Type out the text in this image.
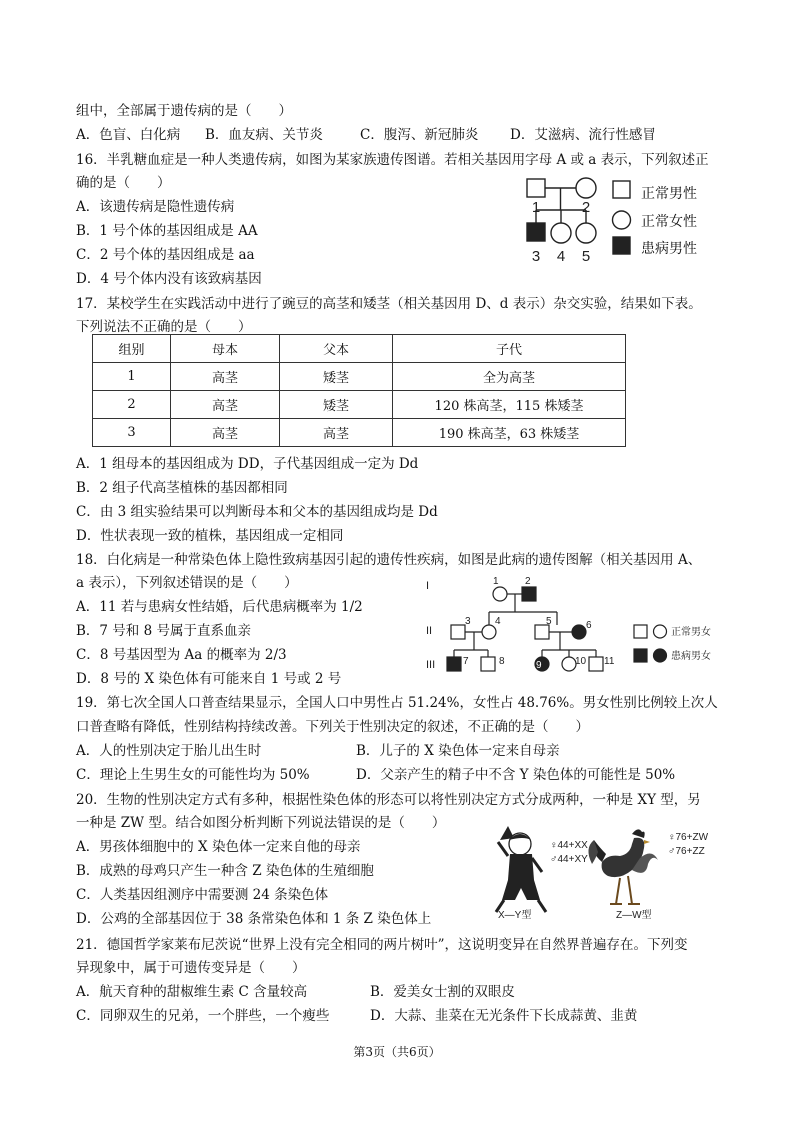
组中，全部属于遗传病的是（　　）
A．色盲、白化病 B．血友病、关节炎	C．腹泻、新冠肺炎 D．艾滋病、流行性感冒
16．半乳糖血症是一种人类遗传病，如图为某家族遗传图谱。若相关基因用字母 A 或 a 表示，下列叙述正
确的是（　　）
A．该遗传病是隐性遗传病
B．1 号个体的基因组成是 AA
C．2 号个体的基因组成是 aa
D．4 号个体内没有该致病基因
1	2
3 4 5
正常男性
正常女性
患病男性
17．某校学生在实践活动中进行了豌豆的高茎和矮茎（相关基因用 D、d 表示）杂交实验，结果如下表。
下列说法不正确的是（　　）
组别	母本	父本	子代
1	高茎	矮茎	全为高茎
2	高茎	矮茎	120 株高茎，115 株矮茎
3	高茎	高茎	190 株高茎，63 株矮茎
A．1 组母本的基因组成为 DD，子代基因组成一定为 Dd
B．2 组子代高茎植株的基因都相同
C．由 3 组实验结果可以判断母本和父本的基因组成均是 Dd
D．性状表现一致的植株，基因组成一定相同
18．白化病是一种常染色体上隐性致病基因引起的遗传性疾病，如图是此病的遗传图解（相关基因用 A、
a 表示），下列叙述错误的是（　　）
A．11 若与患病女性结婚，后代患病概率为 1/2
B．7 号和 8 号属于直系血亲
C．8 号基因型为 Aa 的概率为 2/3
D．8 号的 X 染色体有可能来自 1 号或 2 号
I
II
III
1	2
3 4	5	6
7	8	9	10 11
正常男女
患病男女
19．第七次全国人口普查结果显示，全国人口中男性占 51.24%，女性占 48.76%。男女性别比例较上次人
口普查略有降低，性别结构持续改善。下列关于性别决定的叙述，不正确的是（　　）
A．人的性别决定于胎儿出生时	B．儿子的 X 染色体一定来自母亲
C．理论上生男生女的可能性均为 50%	D．父亲产生的精子中不含 Y 染色体的可能性是 50%
20．生物的性别决定方式有多种，根据性染色体的形态可以将性别决定方式分成两种，一种是 XY 型，另
一种是 ZW 型。结合如图分析判断下列说法错误的是（　　）
A．男孩体细胞中的 X 染色体一定来自他的母亲
B．成熟的母鸡只产生一种含 Z 染色体的生殖细胞
C．人类基因组测序中需要测 24 条染色体
D．公鸡的全部基因位于 38 条常染色体和 1 条 Z 染色体上
♀44+XX
♂44+XY
X—Y型
♀76+ZW
♂76+ZZ
Z—W型
21．德国哲学家莱布尼茨说“世界上没有完全相同的两片树叶”，这说明变异在自然界普遍存在。下列变
异现象中，属于可遗传变异是（　　）
A．航天育种的甜椒维生素 C 含量较高	B．爱美女士割的双眼皮
C．同卵双生的兄弟，一个胖些，一个瘦些	D．大蒜、韭菜在无光条件下长成蒜黄、韭黄
第3页（共6页）
